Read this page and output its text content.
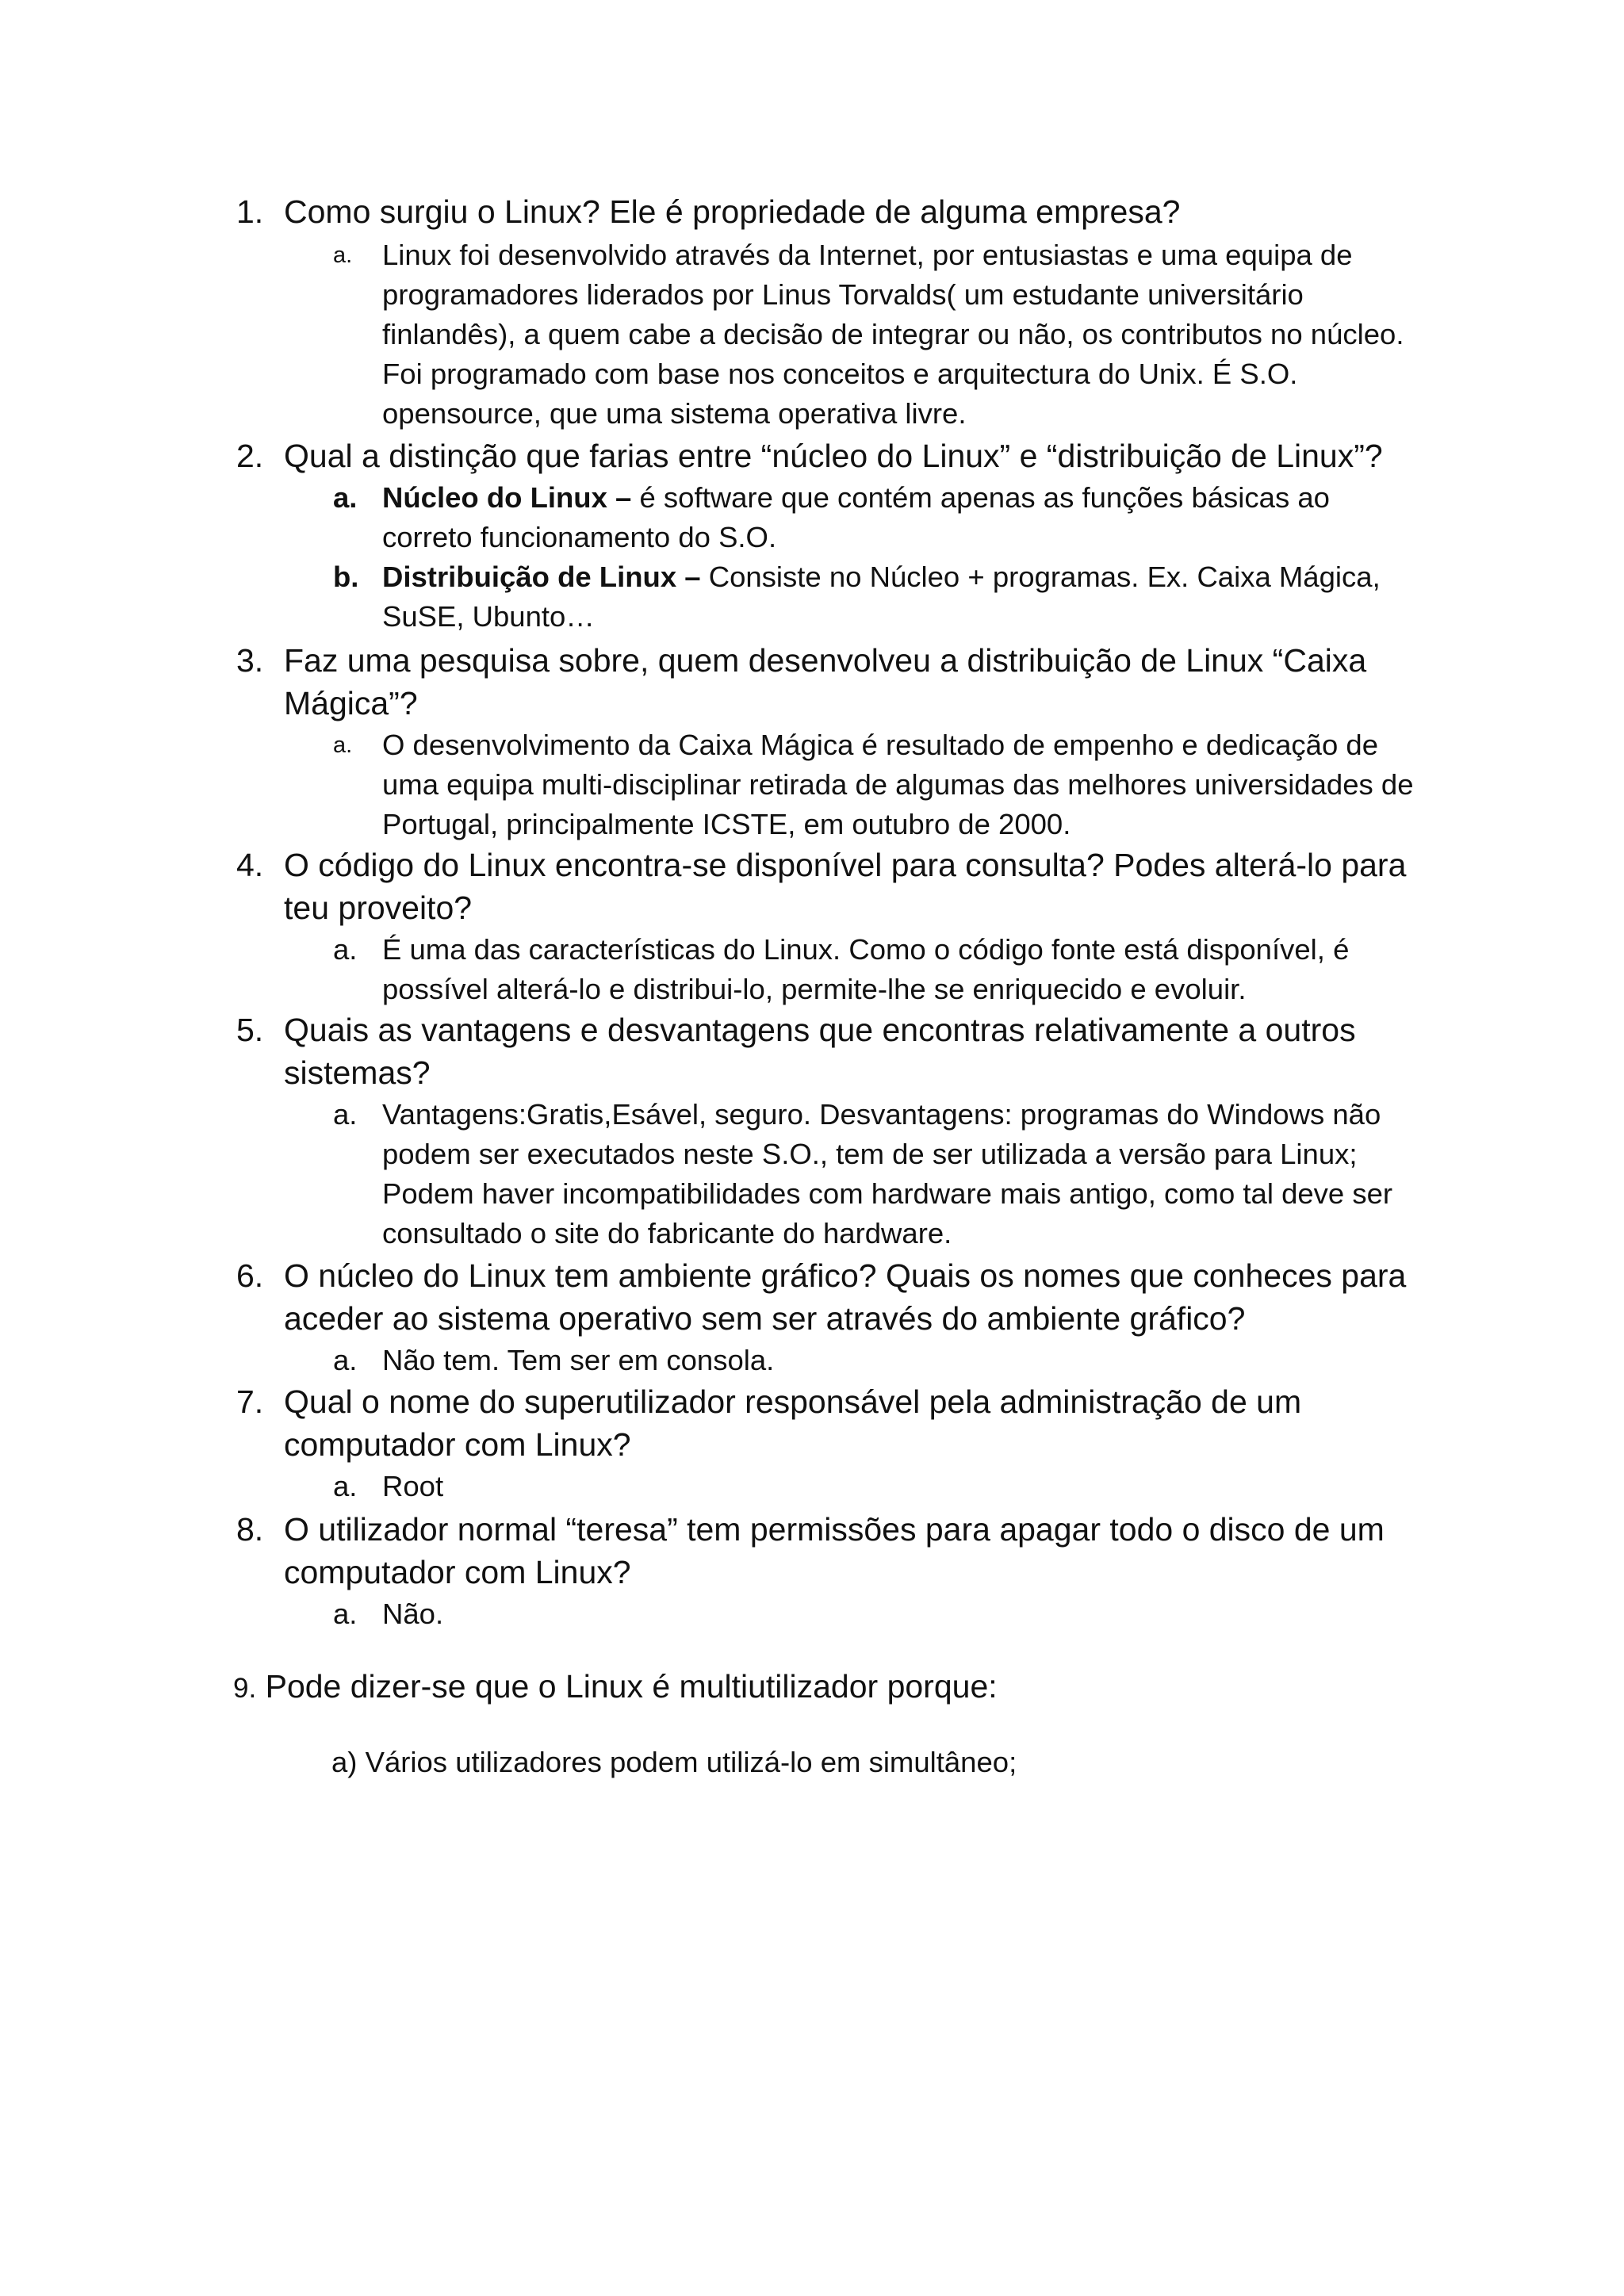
1. Como surgiu o Linux? Ele é propriedade de alguma empresa?
a. Linux foi desenvolvido através da Internet, por entusiastas e uma equipa de programadores liderados por Linus Torvalds( um estudante universitário finlandês), a quem cabe a decisão de integrar ou não, os contributos no núcleo. Foi programado com base nos conceitos e arquitectura do Unix. É S.O. opensource, que uma sistema operativa livre.
2. Qual a distinção que farias entre “núcleo do Linux” e “distribuição de Linux”?
a. Núcleo do Linux – é software que contém apenas as funções básicas ao correto funcionamento do S.O.
b. Distribuição de Linux – Consiste no Núcleo + programas. Ex. Caixa Mágica, SuSE, Ubunto…
3. Faz uma pesquisa sobre, quem desenvolveu a distribuição de Linux “Caixa Mágica”?
a. O desenvolvimento da Caixa Mágica é resultado de empenho e dedicação de uma equipa multi-disciplinar retirada de algumas das melhores universidades de Portugal, principalmente ICSTE, em outubro de 2000.
4. O código do Linux encontra-se disponível para consulta? Podes alterá-lo para teu proveito?
a. É uma das características do Linux. Como o código fonte está disponível, é possível alterá-lo e distribui-lo, permite-lhe se enriquecido e evoluir.
5. Quais as vantagens e desvantagens que encontras relativamente a outros sistemas?
a. Vantagens:Gratis,Esável, seguro. Desvantagens: programas do Windows não podem ser executados neste S.O., tem de ser utilizada a versão para Linux; Podem haver incompatibilidades com hardware mais antigo, como tal deve ser consultado o site do fabricante do hardware.
6. O núcleo do Linux tem ambiente gráfico? Quais os nomes que conheces para aceder ao sistema operativo sem ser através do ambiente gráfico?
a. Não tem. Tem ser em consola.
7. Qual o nome do superutilizador responsável pela administração de um computador com Linux?
a. Root
8. O utilizador normal “teresa” tem permissões para apagar todo o disco de um computador com Linux?
a. Não.
9. Pode dizer-se que o Linux é multiutilizador porque:
a) Vários utilizadores podem utilizá-lo em simultâneo;
